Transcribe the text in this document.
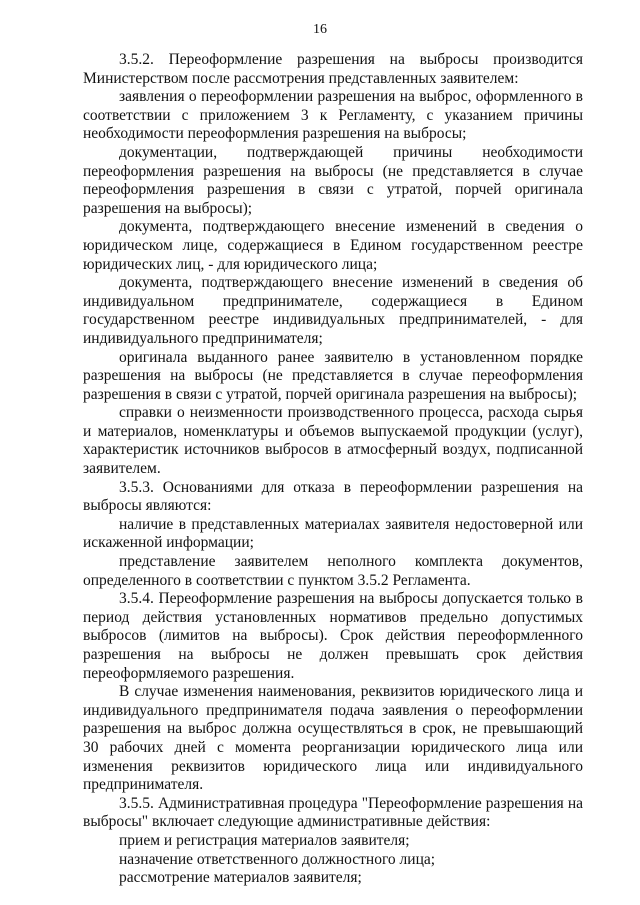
16

3.5.2. Переоформление разрешения на выбросы производится Министерством после рассмотрения представленных заявителем:

заявления о переоформлении разрешения на выброс, оформленного в соответствии с приложением 3 к Регламенту, с указанием причины необходимости переоформления разрешения на выбросы;

документации, подтверждающей причины необходимости переоформления разрешения на выбросы (не представляется в случае переоформления разрешения в связи с утратой, порчей оригинала разрешения на выбросы);

документа, подтверждающего внесение изменений в сведения о юридическом лице, содержащиеся в Едином государственном реестре юридических лиц, - для юридического лица;

документа, подтверждающего внесение изменений в сведения об индивидуальном предпринимателе, содержащиеся в Едином государственном реестре индивидуальных предпринимателей, - для индивидуального предпринимателя;

оригинала выданного ранее заявителю в установленном порядке разрешения на выбросы (не представляется в случае переоформления разрешения в связи с утратой, порчей оригинала разрешения на выбросы);

справки о неизменности производственного процесса, расхода сырья и материалов, номенклатуры и объемов выпускаемой продукции (услуг), характеристик источников выбросов в атмосферный воздух, подписанной заявителем.

3.5.3. Основаниями для отказа в переоформлении разрешения на выбросы являются:

наличие в представленных материалах заявителя недостоверной или искаженной информации;

представление заявителем неполного комплекта документов, определенного в соответствии с пунктом 3.5.2 Регламента.

3.5.4. Переоформление разрешения на выбросы допускается только в период действия установленных нормативов предельно допустимых выбросов (лимитов на выбросы). Срок действия переоформленного разрешения на выбросы не должен превышать срок действия переоформляемого разрешения.

В случае изменения наименования, реквизитов юридического лица и индивидуального предпринимателя подача заявления о переоформлении разрешения на выброс должна осуществляться в срок, не превышающий 30 рабочих дней с момента реорганизации юридического лица или изменения реквизитов юридического лица или индивидуального предпринимателя.

3.5.5. Административная процедура "Переоформление разрешения на выбросы" включает следующие административные действия:

прием и регистрация материалов заявителя;

назначение ответственного должностного лица;

рассмотрение материалов заявителя;
